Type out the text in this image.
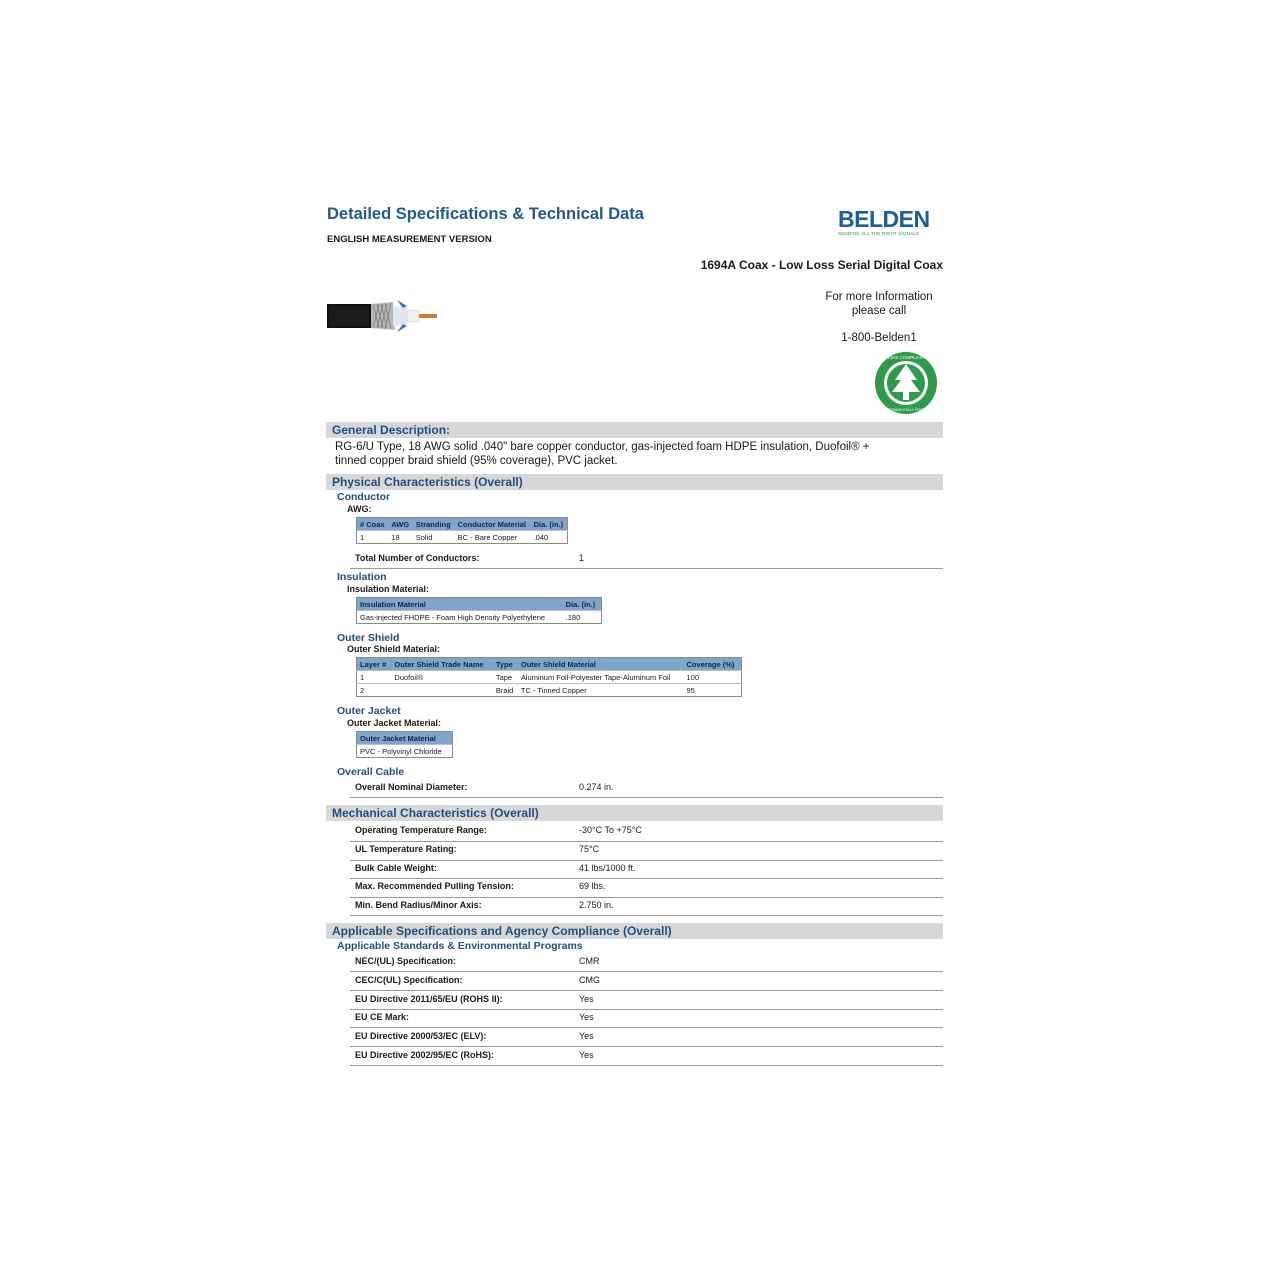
Detailed Specifications & Technical Data
ENGLISH MEASUREMENT VERSION
BELDEN
SENDING ALL THE RIGHT SIGNALS
1694A Coax - Low Loss Serial Digital Coax
For more Information
please call
1-800-Belden1
RoHS COMPLIANT
ENVIRONMENTALLY FRIENDLY
General Description:
RG-6/U Type, 18 AWG solid .040" bare copper conductor, gas-injected foam HDPE insulation, Duofoil® +
tinned copper braid shield (95% coverage), PVC jacket.
Physical Characteristics (Overall)
Conductor
AWG:
# Coax	AWG	Stranding	Conductor Material	Dia. (in.)
1	18	Solid	BC - Bare Copper	.040
Total Number of Conductors:	1
Insulation
Insulation Material:
Insulation Material	Dia. (in.)
Gas-injected FHDPE - Foam High Density Polyethylene	.180
Outer Shield
Outer Shield Material:
Layer #	Outer Shield Trade Name	Type	Outer Shield Material	Coverage (%)
1	Duofoil®	Tape	Aluminum Foil-Polyester Tape-Aluminum Foil	100
2		Braid	TC - Tinned Copper	95
Outer Jacket
Outer Jacket Material:
Outer Jacket Material
PVC - Polyvinyl Chloride
Overall Cable
Overall Nominal Diameter:	0.274 in.
Mechanical Characteristics (Overall)
Operating Temperature Range:	-30°C To +75°C
UL Temperature Rating:	75°C
Bulk Cable Weight:	41 lbs/1000 ft.
Max. Recommended Pulling Tension:	69 lbs.
Min. Bend Radius/Minor Axis:	2.750 in.
Applicable Specifications and Agency Compliance (Overall)
Applicable Standards & Environmental Programs
NEC/(UL) Specification:	CMR
CEC/C(UL) Specification:	CMG
EU Directive 2011/65/EU (ROHS II):	Yes
EU CE Mark:	Yes
EU Directive 2000/53/EC (ELV):	Yes
EU Directive 2002/95/EC (RoHS):	Yes
